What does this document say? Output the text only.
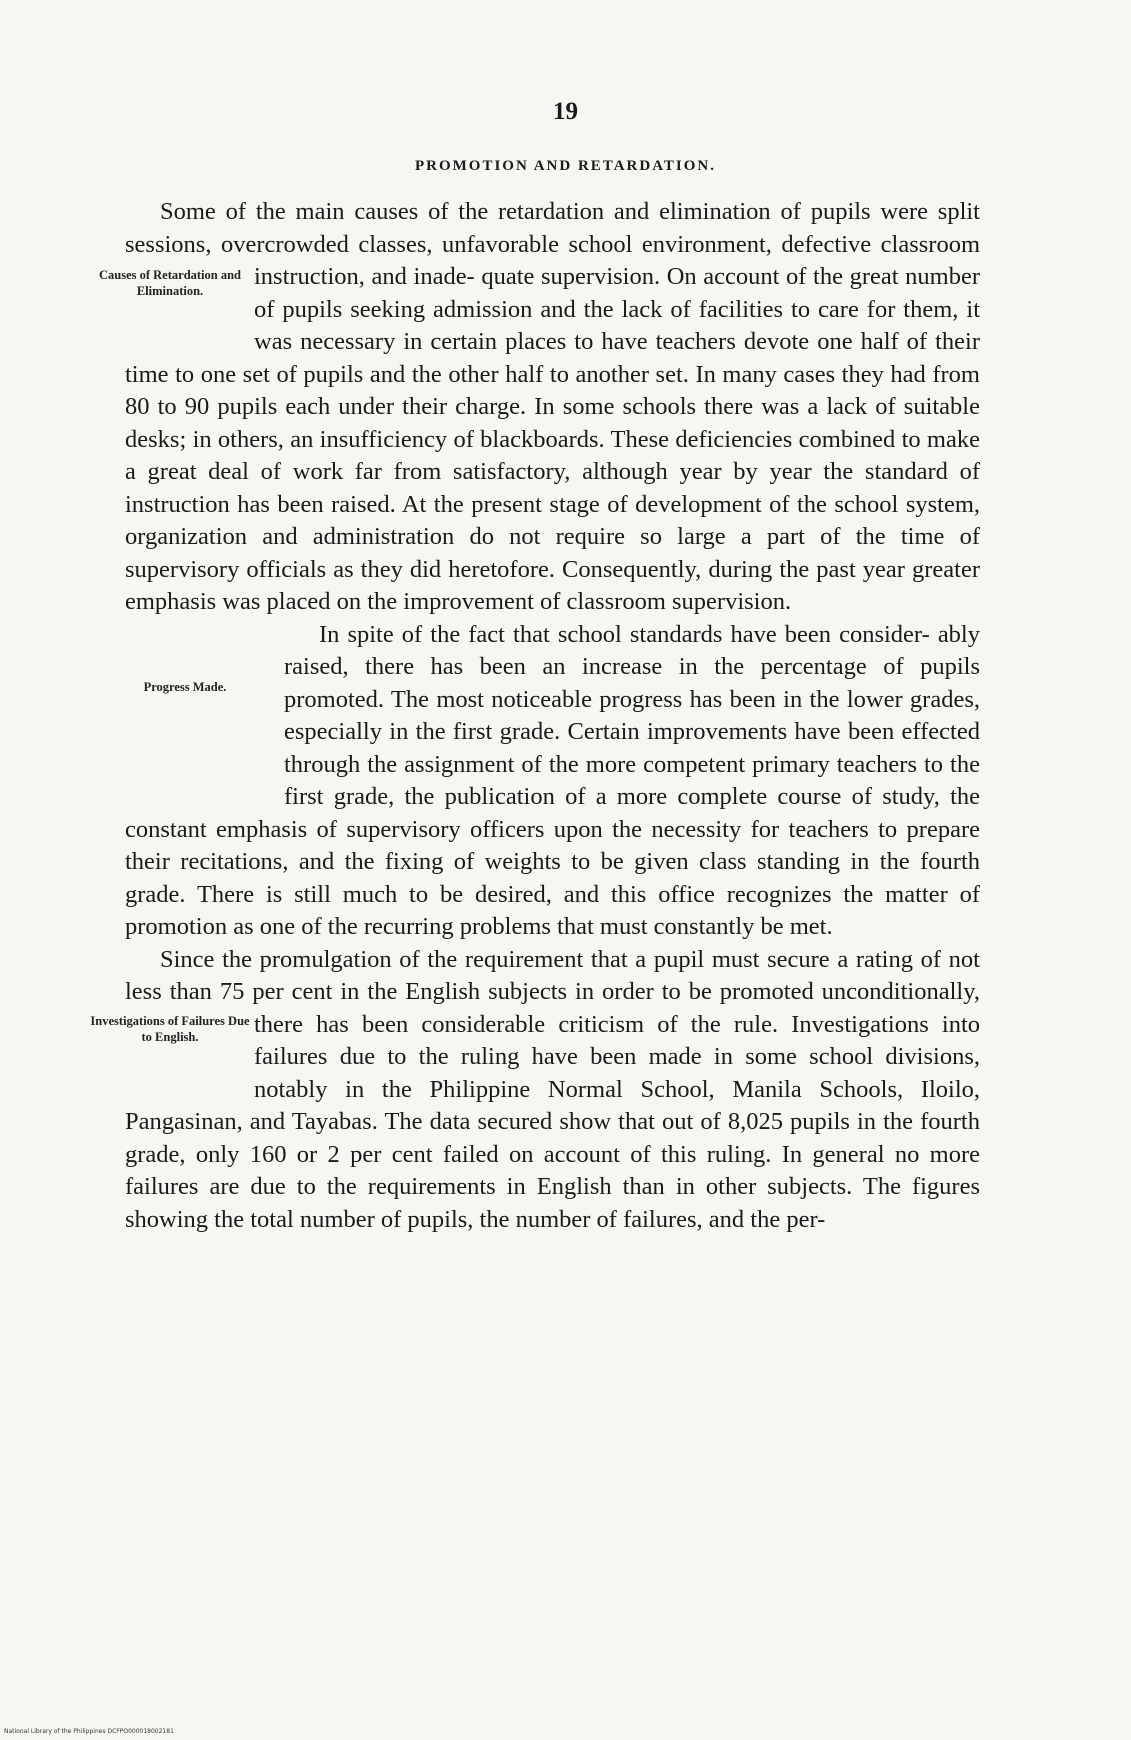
19
PROMOTION AND RETARDATION.

Some of the main causes of the retardation and elimination of pupils were split sessions, overcrowded classes, unfavorable school environment, defective classroom instruction, and inade-
Causes of Retardation and Elimination.
quate supervision. On account of the great number of pupils seeking admission and the lack of facilities to care for them, it was necessary in certain places to have teachers devote one half of their time to one set of pupils and the other half to another set. In many cases they had from 80 to 90 pupils each under their charge. In some schools there was a lack of suitable desks; in others, an insufficiency of blackboards. These deficiencies combined to make a great deal of work far from satisfactory, although year by year the standard of instruction has been raised. At the present stage of development of the school system, organization and administration do not require so large a part of the time of supervisory officials as they did heretofore. Consequently, during the past year greater emphasis was placed on the improvement of classroom supervision.

In spite of the fact that school standards have been consider-
Progress Made.
ably raised, there has been an increase in the percentage of pupils promoted. The most noticeable progress has been in the lower grades, especially in the first grade. Certain improvements have been effected through the assignment of the more competent primary teachers to the first grade, the publication of a more complete course of study, the constant emphasis of supervisory officers upon the necessity for teachers to prepare their recitations, and the fixing of weights to be given class standing in the fourth grade. There is still much to be desired, and this office recognizes the matter of promotion as one of the recurring problems that must constantly be met.

Since the promulgation of the requirement that a pupil must secure a rating of not less than 75 per cent in the English subjects in order to be promoted unconditionally, there has been
Investigations of Failures Due to English.	considerable criticism of the rule. Investigations into failures due to the ruling have been made in some school divisions, notably in the Philippine Normal School, Manila Schools, Iloilo, Pangasinan, and Tayabas. The data secured show that out of 8,025 pupils in the fourth grade, only 160 or 2 per cent failed on account of this ruling. In general no more failures are due to the requirements in English than in other subjects. The figures showing the total number of pupils, the number of failures, and the per-

National Library of the Philippines DCFPO000018002181
